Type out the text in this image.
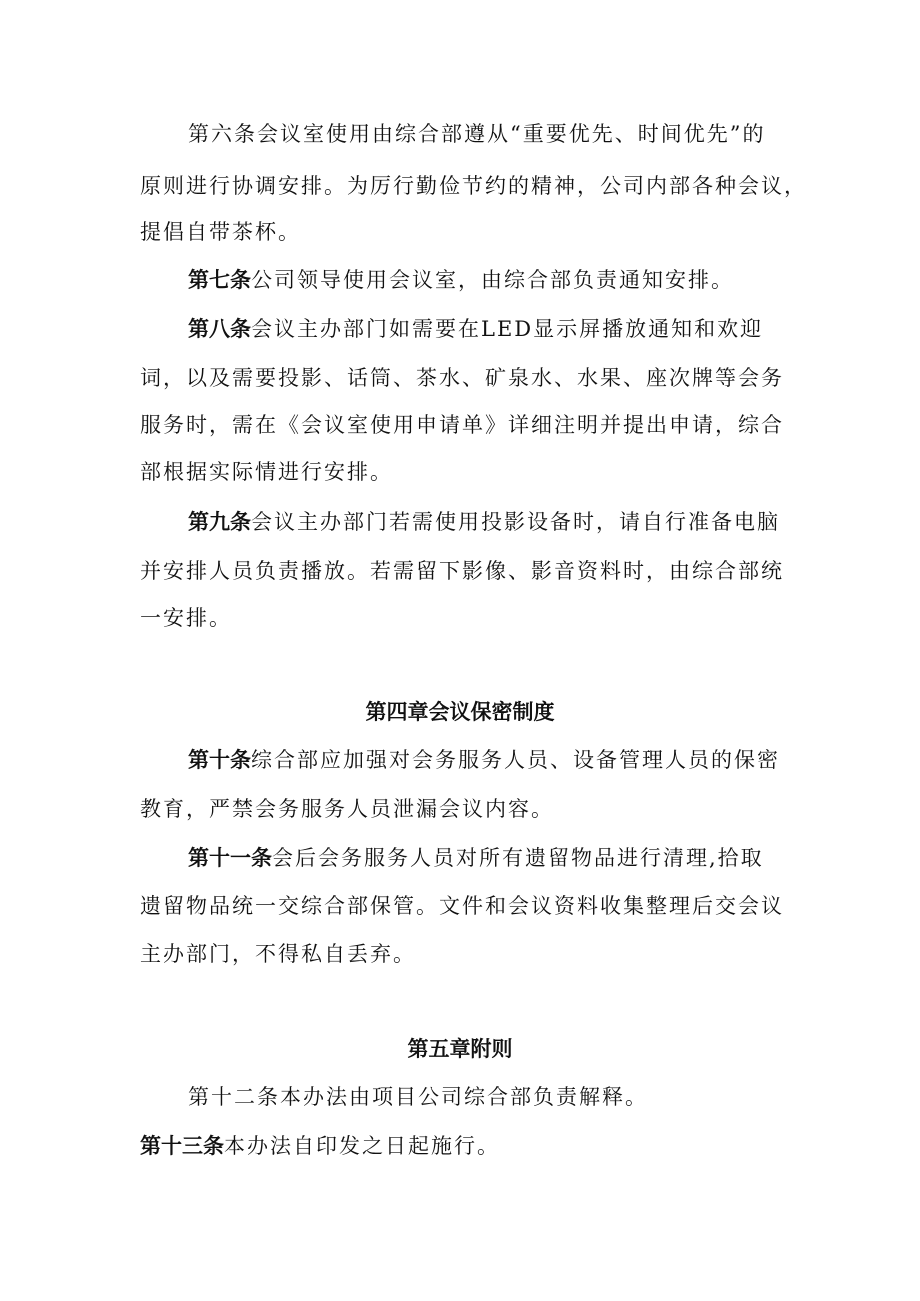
第六条会议室使用由综合部遵从“重要优先、时间优先”的
原则进行协调安排。为厉行勤俭节约的精神，公司内部各种会议，
提倡自带茶杯。
第七条公司领导使用会议室，由综合部负责通知安排。
第八条会议主办部门如需要在LED显示屏播放通知和欢迎
词，以及需要投影、话筒、茶水、矿泉水、水果、座次牌等会务
服务时，需在《会议室使用申请单》详细注明并提出申请，综合
部根据实际情进行安排。
第九条会议主办部门若需使用投影设备时，请自行准备电脑
并安排人员负责播放。若需留下影像、影音资料时，由综合部统
一安排。
第四章会议保密制度
第十条综合部应加强对会务服务人员、设备管理人员的保密
教育，严禁会务服务人员泄漏会议内容。
第十一条会后会务服务人员对所有遗留物品进行清理,拾取
遗留物品统一交综合部保管。文件和会议资料收集整理后交会议
主办部门，不得私自丢弃。
第五章附则
第十二条本办法由项目公司综合部负责解释。
第十三条本办法自印发之日起施行。
